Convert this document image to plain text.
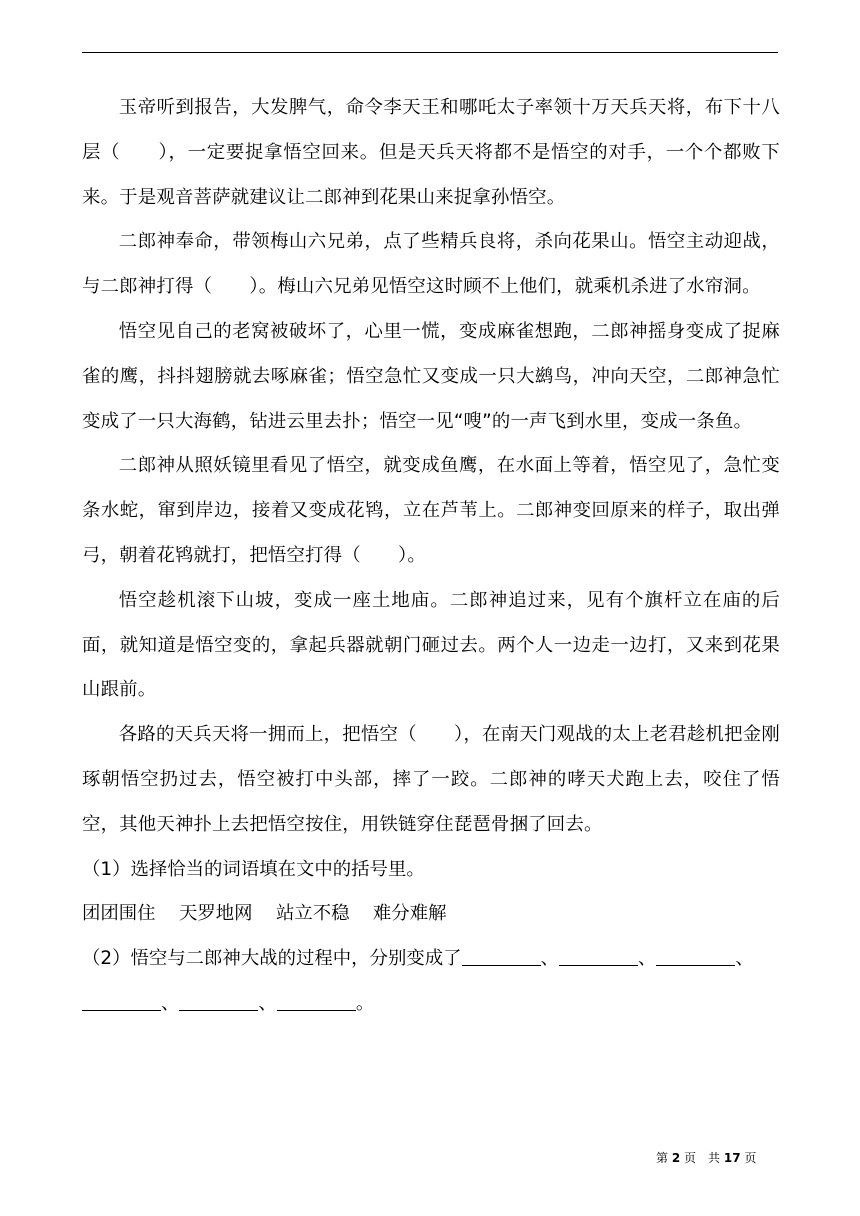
玉帝听到报告，大发脾气，命令李天王和哪吒太子率领十万天兵天将，布下十八层（　　），一定要捉拿悟空回来。但是天兵天将都不是悟空的对手，一个个都败下来。于是观音菩萨就建议让二郎神到花果山来捉拿孙悟空。

二郎神奉命，带领梅山六兄弟，点了些精兵良将，杀向花果山。悟空主动迎战，与二郎神打得（　　）。梅山六兄弟见悟空这时顾不上他们，就乘机杀进了水帘洞。

悟空见自己的老窝被破坏了，心里一慌，变成麻雀想跑，二郎神摇身变成了捉麻雀的鹰，抖抖翅膀就去啄麻雀；悟空急忙又变成一只大鹚鸟，冲向天空，二郎神急忙变成了一只大海鹤，钻进云里去扑；悟空一见“嗖”的一声飞到水里，变成一条鱼。

二郎神从照妖镜里看见了悟空，就变成鱼鹰，在水面上等着，悟空见了，急忙变条水蛇，窜到岸边，接着又变成花鸨，立在芦苇上。二郎神变回原来的样子，取出弹弓，朝着花鸨就打，把悟空打得（　　）。

悟空趁机滚下山坡，变成一座土地庙。二郎神追过来，见有个旗杆立在庙的后面，就知道是悟空变的，拿起兵器就朝门砸过去。两个人一边走一边打，又来到花果山跟前。

各路的天兵天将一拥而上，把悟空（　　），在南天门观战的太上老君趁机把金刚琢朝悟空扔过去，悟空被打中头部，摔了一跤。二郎神的哮天犬跑上去，咬住了悟空，其他天神扑上去把悟空按住，用铁链穿住琵琶骨捆了回去。

（1）选择恰当的词语填在文中的括号里。

团团围住 天罗地网 站立不稳 难分难解

（2）悟空与二郎神大战的过程中，分别变成了	、	、	、

、	、	。

第 2 页　共 17 页
